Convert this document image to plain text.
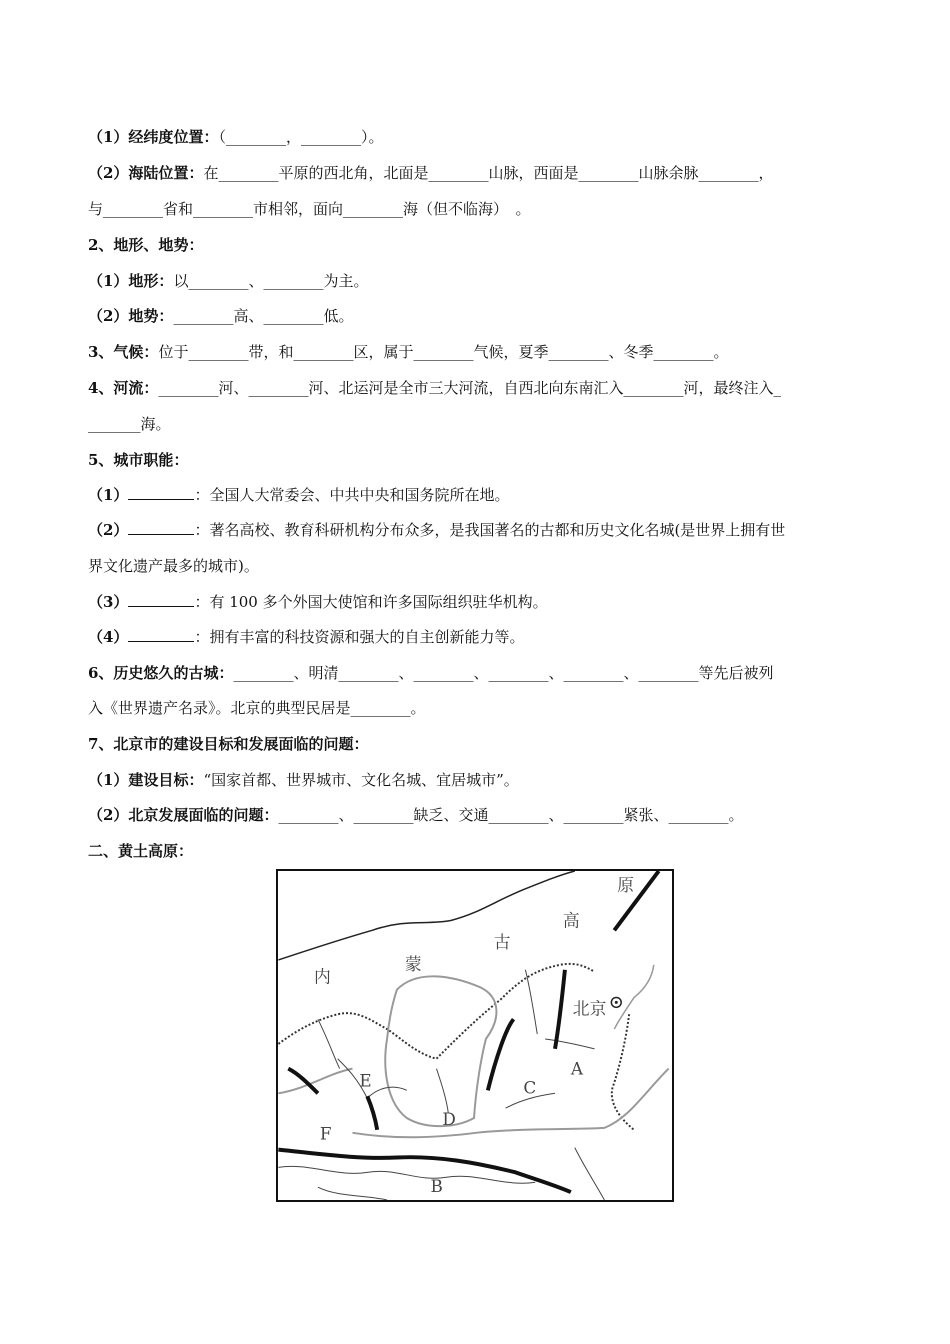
（1）经纬度位置：（________，________）。
（2）海陆位置：在________平原的西北角，北面是________山脉，西面是________山脉余脉________，
与________省和________市相邻，面向________海（但不临海）　。
2、地形、地势：
（1）地形：以________、________为主。
（2）地势：________高、________低。
3、气候：位于________带，和________区，属于________气候，夏季________、冬季________。
4、河流：________河、________河、北运河是全市三大河流，自西北向东南汇入________河，最终注入_
_______海。
5、城市职能：
（1）	：全国人大常委会、中共中央和国务院所在地。
（2）	：著名高校、教育科研机构分布众多，是我国著名的古都和历史文化名城(是世界上拥有世
界文化遗产最多的城市)。
（3）	：有 100 多个外国大使馆和许多国际组织驻华机构。
（4）	：拥有丰富的科技资源和强大的自主创新能力等。
6、历史悠久的古城：________、明清________、________、________、________、________等先后被列
入《世界遗产名录》。北京的典型民居是________。
7、北京市的建设目标和发展面临的问题：
（1）建设目标：“国家首都、世界城市、文化名城、宜居城市”。
（2）北京发展面临的问题：________、________缺乏、交通________、________紧张、________。
二、黄土高原：
原
高
古
蒙
内
北京
A
B
C
D
E
F
